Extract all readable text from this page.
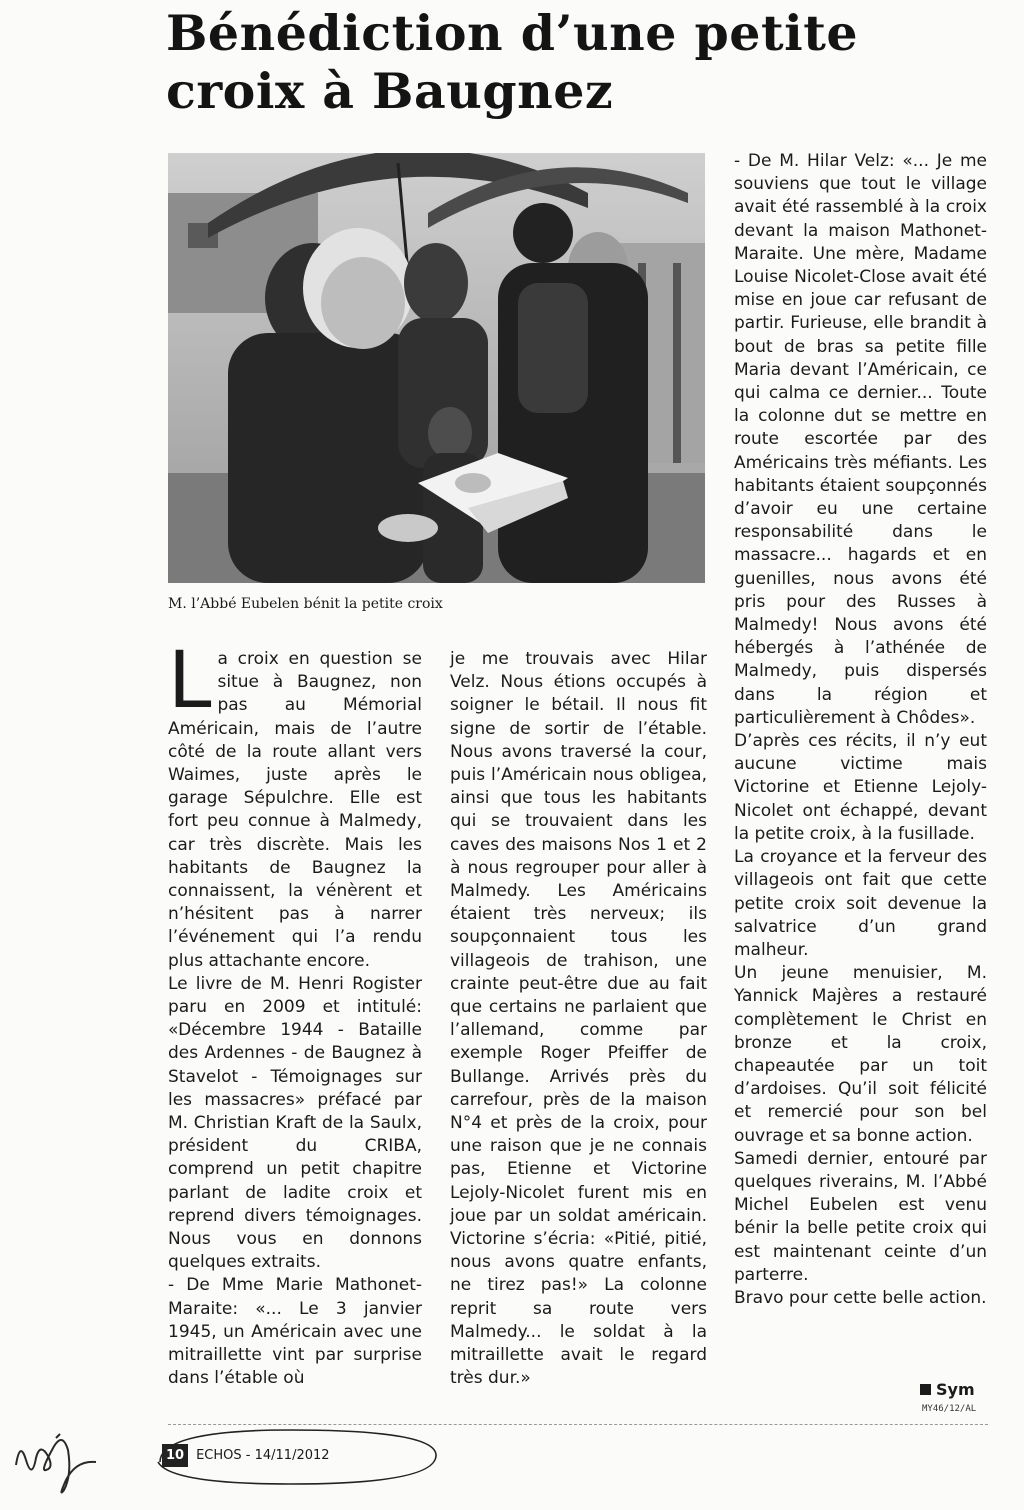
Bénédiction d’une petite
croix à Baugnez
M. l’Abbé Eubelen bénit la petite croix

La croix en question se situe à Baugnez, non pas au Mémorial Américain, mais de l’autre côté de la route allant vers Waimes, juste après le garage Sépulchre. Elle est fort peu connue à Malmedy, car très discrète. Mais les habitants de Baugnez la connaissent, la vénèrent et n’hésitent pas à narrer l’événement qui l’a rendu plus attachante encore.

Le livre de M. Henri Rogister paru en 2009 et intitulé: «Décembre 1944 - Bataille des Ardennes - de Baugnez à Stavelot - Témoignages sur les massacres» préfacé par M. Christian Kraft de la Saulx, président du CRIBA, comprend un petit chapitre parlant de ladite croix et reprend divers témoignages. Nous vous en donnons quelques extraits.

- De Mme Marie Mathonet-Maraite: «... Le 3 janvier 1945, un Américain avec une mitraillette vint par surprise dans l’étable où

je me trouvais avec Hilar Velz. Nous étions occupés à soigner le bétail. Il nous fit signe de sortir de l’étable. Nous avons traversé la cour, puis l’Américain nous obligea, ainsi que tous les habitants qui se trouvaient dans les caves des maisons Nos 1 et 2 à nous regrouper pour aller à Malmedy. Les Américains étaient très nerveux; ils soupçonnaient tous les villageois de trahison, une crainte peut-être due au fait que certains ne parlaient que l’allemand, comme par exemple Roger Pfeiffer de Bullange. Arrivés près du carrefour, près de la maison N°4 et près de la croix, pour une raison que je ne connais pas, Etienne et Victorine Lejoly-Nicolet furent mis en joue par un soldat américain. Victorine s’écria: «Pitié, pitié, nous avons quatre enfants, ne tirez pas!» La colonne reprit sa route vers Malmedy... le soldat à la mitraillette avait le regard très dur.»

- De M. Hilar Velz: «... Je me souviens que tout le village avait été rassemblé à la croix devant la maison Mathonet-Maraite. Une mère, Madame Louise Nicolet-Close avait été mise en joue car refusant de partir. Furieuse, elle brandit à bout de bras sa petite fille Maria devant l’Américain, ce qui calma ce dernier... Toute la colonne dut se mettre en route escortée par des Américains très méfiants. Les habitants étaient soupçonnés d’avoir eu une certaine responsabilité dans le massacre... hagards et en guenilles, nous avons été pris pour des Russes à Malmedy! Nous avons été hébergés à l’athénée de Malmedy, puis dispersés dans la région et particulièrement à Chôdes».

D’après ces récits, il n’y eut aucune victime mais Victorine et Etienne Lejoly-Nicolet ont échappé, devant la petite croix, à la fusillade.

La croyance et la ferveur des villageois ont fait que cette petite croix soit devenue la salvatrice d’un grand malheur.

Un jeune menuisier, M. Yannick Majères a restauré complètement le Christ en bronze et la croix, chapeautée par un toit d’ardoises. Qu’il soit félicité et remercié pour son bel ouvrage et sa bonne action.

Samedi dernier, entouré par quelques riverains, M. l’Abbé Michel Eubelen est venu bénir la belle petite croix qui est maintenant ceinte d’un parterre.

Bravo pour cette belle action.

Sym
MY46/12/AL
10 ECHOS - 14/11/2012
